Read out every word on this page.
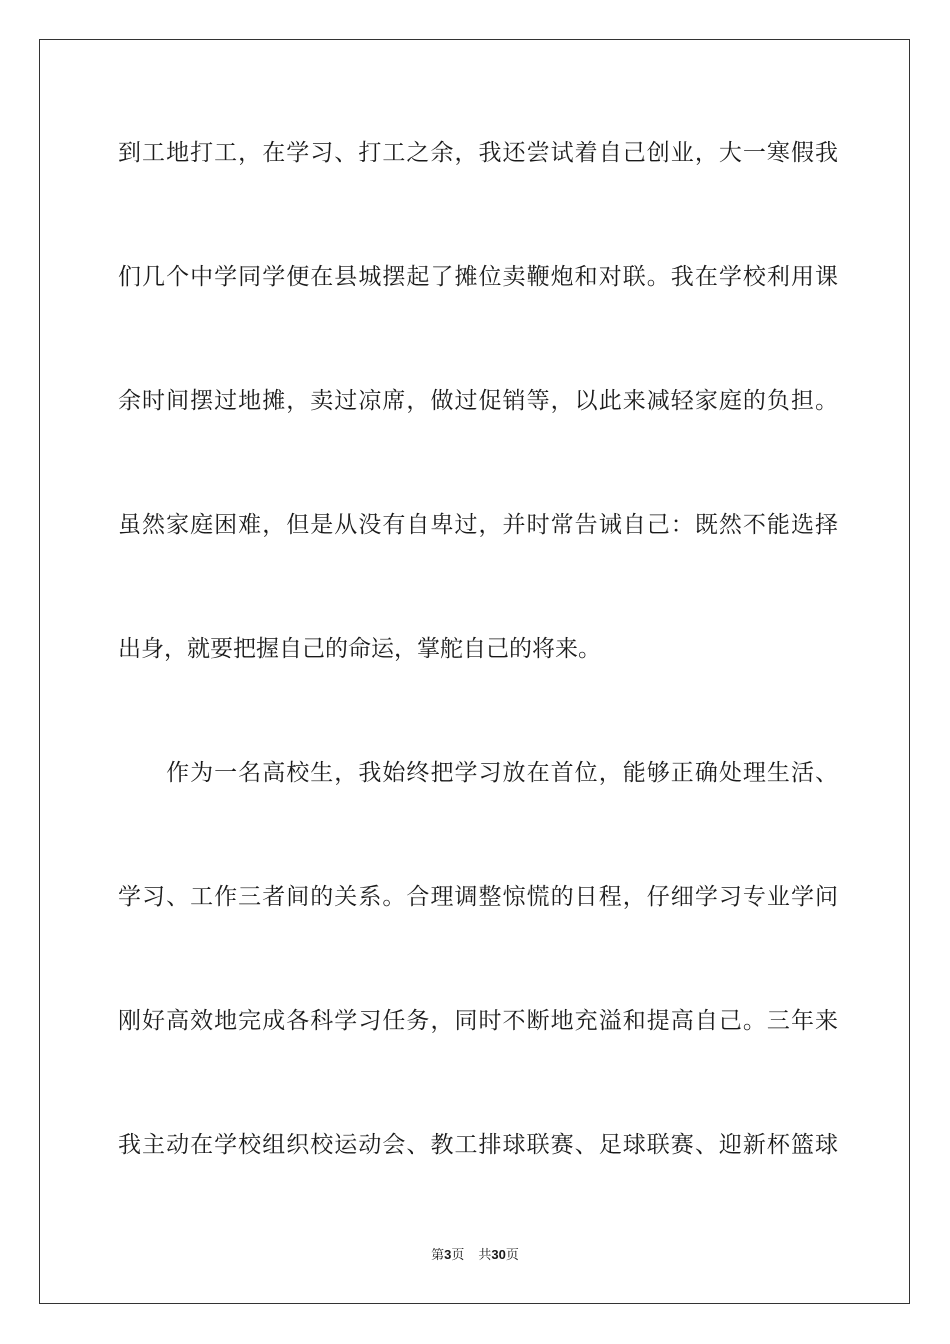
到工地打工，在学习、打工之余，我还尝试着自己创业，大一寒假我
们几个中学同学便在县城摆起了摊位卖鞭炮和对联。我在学校利用课
余时间摆过地摊，卖过凉席，做过促销等，以此来减轻家庭的负担。
虽然家庭困难，但是从没有自卑过，并时常告诫自己：既然不能选择
出身，就要把握自己的命运，掌舵自己的将来。
　　作为一名高校生，我始终把学习放在首位，能够正确处理生活、
学习、工作三者间的关系。合理调整惊慌的日程，仔细学习专业学问
刚好高效地完成各科学习任务，同时不断地充溢和提高自己。三年来
我主动在学校组织校运动会、教工排球联赛、足球联赛、迎新杯篮球
第3页 共30页
